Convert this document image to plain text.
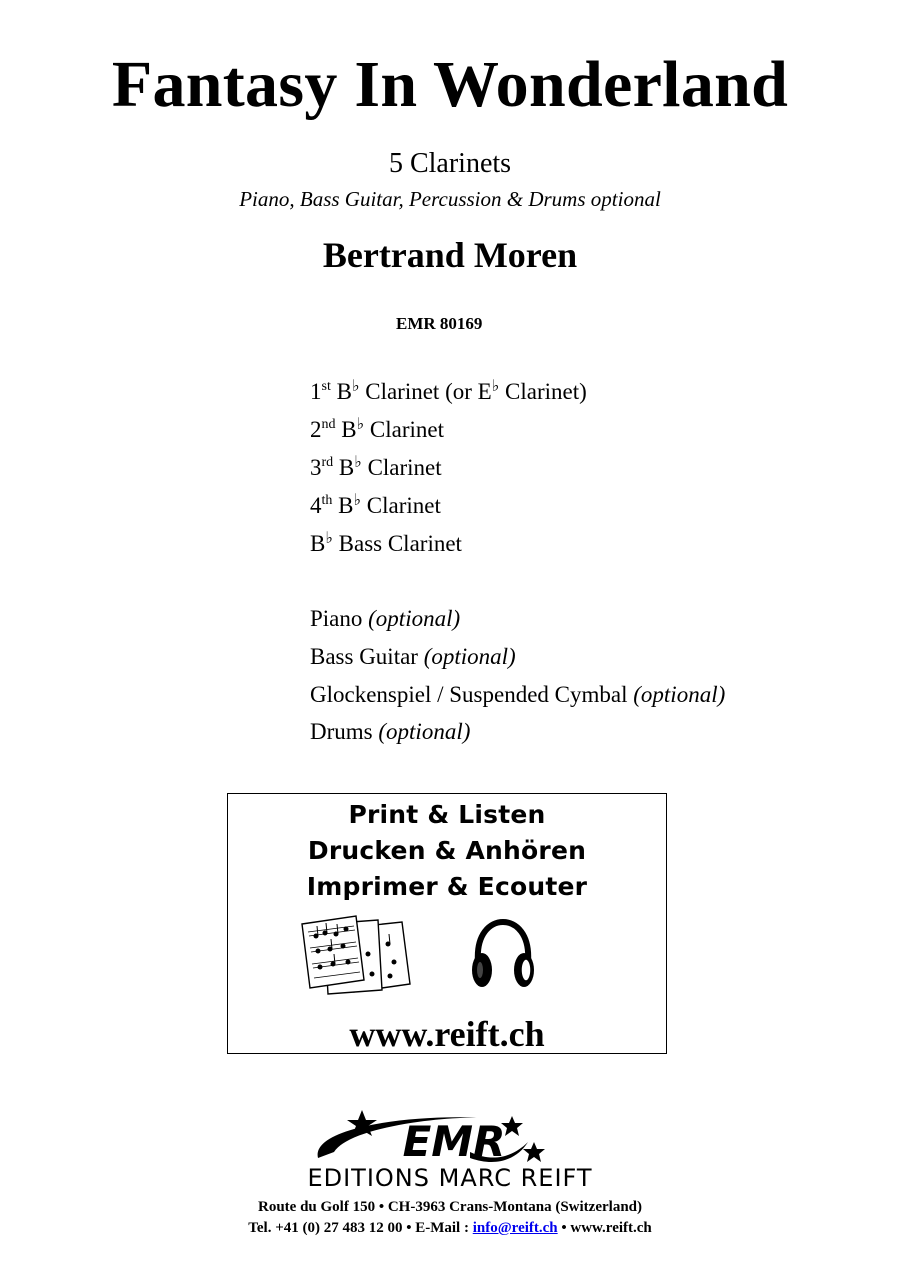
Fantasy In Wonderland
5 Clarinets
Piano, Bass Guitar, Percussion & Drums optional
Bertrand Moren
EMR 80169
1st B♭ Clarinet (or E♭ Clarinet)
2nd B♭ Clarinet
3rd B♭ Clarinet
4th B♭ Clarinet
B♭ Bass Clarinet
Piano (optional)
Bass Guitar (optional)
Glockenspiel / Suspended Cymbal (optional)
Drums (optional)
Print & Listen
Drucken & Anhören
Imprimer & Ecouter
www.reift.ch
EMR
EDITIONS MARC REIFT
Route du Golf 150 • CH-3963 Crans-Montana (Switzerland)
Tel. +41 (0) 27 483 12 00 • E-Mail : info@reift.ch • www.reift.ch
